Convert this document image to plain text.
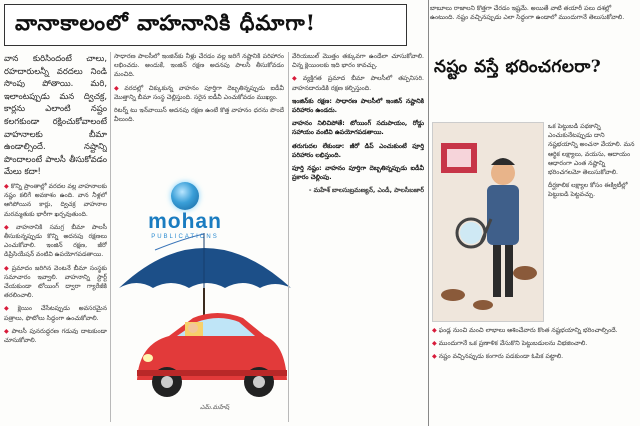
వానాకాలంలో వాహనానికి ధీమాగా!

వాన కురిసిందంటే చాలు, రహదారులన్నీ వరదలు నిండి సొంపు పోతాయి. మరి, ఇలాంటప్పుడు మన ద్విచక్ర, కార్లను ఎలాంటి నష్టం కలగకుండా రక్షించుకోవాలంటే వాహనాలకు బీమా ఉండాల్సిందే. నష్టాన్ని పొందాలంటే పాలసీ తీసుకోవడం మేలు కదా!

◆ కొన్ని ప్రాంతాల్లో వరదల వల్ల వాహనాలకు నష్టం కలిగే అవకాశం ఉంది. వాన నీళ్లలో ఆగిపోయిన కార్లు, ద్విచక్ర వాహనాల మరమ్మతుకు భారీగా ఖర్చవుతుంది.

◆ వాహనానికి సమగ్ర బీమా పాలసీ తీసుకున్నప్పుడు కొన్ని అదనపు రక్షణలు ఎంచుకోవాలి. ఇంజిన్ రక్షణ, జీరో డిప్రిసియేషన్ వంటివి ఉపయోగపడతాయి.

◆ ప్రమాదం జరిగిన వెంటనే బీమా సంస్థకు సమాచారం ఇవ్వాలి. వాహనాన్ని స్టార్ట్ చేయకుండా టోయింగ్ ద్వారా గ్యారేజీకి తరలించాలి.

◆ క్లెయిం చేసేటప్పుడు అవసరమైన పత్రాలు, ఫొటోలు సిద్ధంగా ఉంచుకోవాలి.

◆ పాలసీ పునరుద్ధరణ గడువు దాటకుండా చూసుకోవాలి.

సాధారణ పాలసీలో ఇంజిన్‌కు నీళ్లు చేరడం వల్ల జరిగే నష్టానికి పరిహారం లభించదు. అందుకే, ఇంజిన్ రక్షణ అదనపు పాలసీ తీసుకోవడం మంచిది.

◆ వరదల్లో చిక్కుకున్న వాహనం పూర్తిగా దెబ్బతిన్నప్పుడు ఐడీవీ మొత్తాన్ని బీమా సంస్థ చెల్లిస్తుంది. సరైన ఐడీవీ ఎంచుకోవడం ముఖ్యం.

రిటర్న్ టు ఇన్‌వాయిస్ అదనపు రక్షణ ఉంటే కొత్త వాహనం ధరను పొందే వీలుంది.

mohan
PUBLICATIONS
ఎమ్.మహేష్

వేరియబుల్ మొత్తం తక్కువగా ఉండేలా చూసుకోవాలి. చిన్న క్లెయింలకు ఇది భారం కావచ్చు.

◆ వ్యక్తిగత ప్రమాద బీమా పాలసీలో తప్పనిసరి. వాహనదారుడికి రక్షణ కల్పిస్తుంది.

ఇంజిన్‌కు రక్షణ: సాధారణ పాలసీలో ఇంజిన్ నష్టానికి పరిహారం ఉండదు.

వాహనం నిలిచిపోతే: టోయింగ్ సదుపాయం, రోడ్డు సహాయం వంటివి ఉపయోగపడతాయి.

తరుగుదల లేకుండా: జీరో డిప్ ఎంచుకుంటే పూర్తి పరిహారం లభిస్తుంది.

పూర్తి నష్టం: వాహనం పూర్తిగా దెబ్బతిన్నప్పుడు ఐడీవీ ప్రకారం చెల్లింపు.

- మహేశ్ బాలసుబ్రమణ్యన్, ఎండీ, పాలసీబజార్

బాబూలు రాజాలని కొత్తగా చేరడం ఇష్టమే. అయితే వాటి తయారీ పలు దశల్లో ఉంటుంది. నష్టం వచ్చినప్పుడు ఎలా సిద్ధంగా ఉండాలో ముందుగానే తెలుసుకోవాలి.
నష్టం వస్తే భరించగలరా?

ఒక పెట్టుబడి పథకాన్ని ఎంచుకునేటప్పుడు దాని నష్టభయాన్ని అంచనా వేయాలి. మన ఆర్థిక లక్ష్యాలు, వయసు, ఆదాయం ఆధారంగా ఎంత నష్టాన్ని భరించగలమో తెలుసుకోవాలి.

దీర్ఘకాలిక లక్ష్యాల కోసం ఈక్విటీల్లో పెట్టుబడి పెట్టవచ్చు.

◆ ఫండ్ల నుంచి మంచి లాభాలు ఆశించేవారు కొంత నష్టభయాన్ని భరించాల్సిందే.

◆ ముందుగానే ఒక ప్రణాళిక వేసుకొని పెట్టుబడులను విభజించాలి.

◆ నష్టం వచ్చినప్పుడు కంగారు పడకుండా ఓపిక పట్టాలి.
